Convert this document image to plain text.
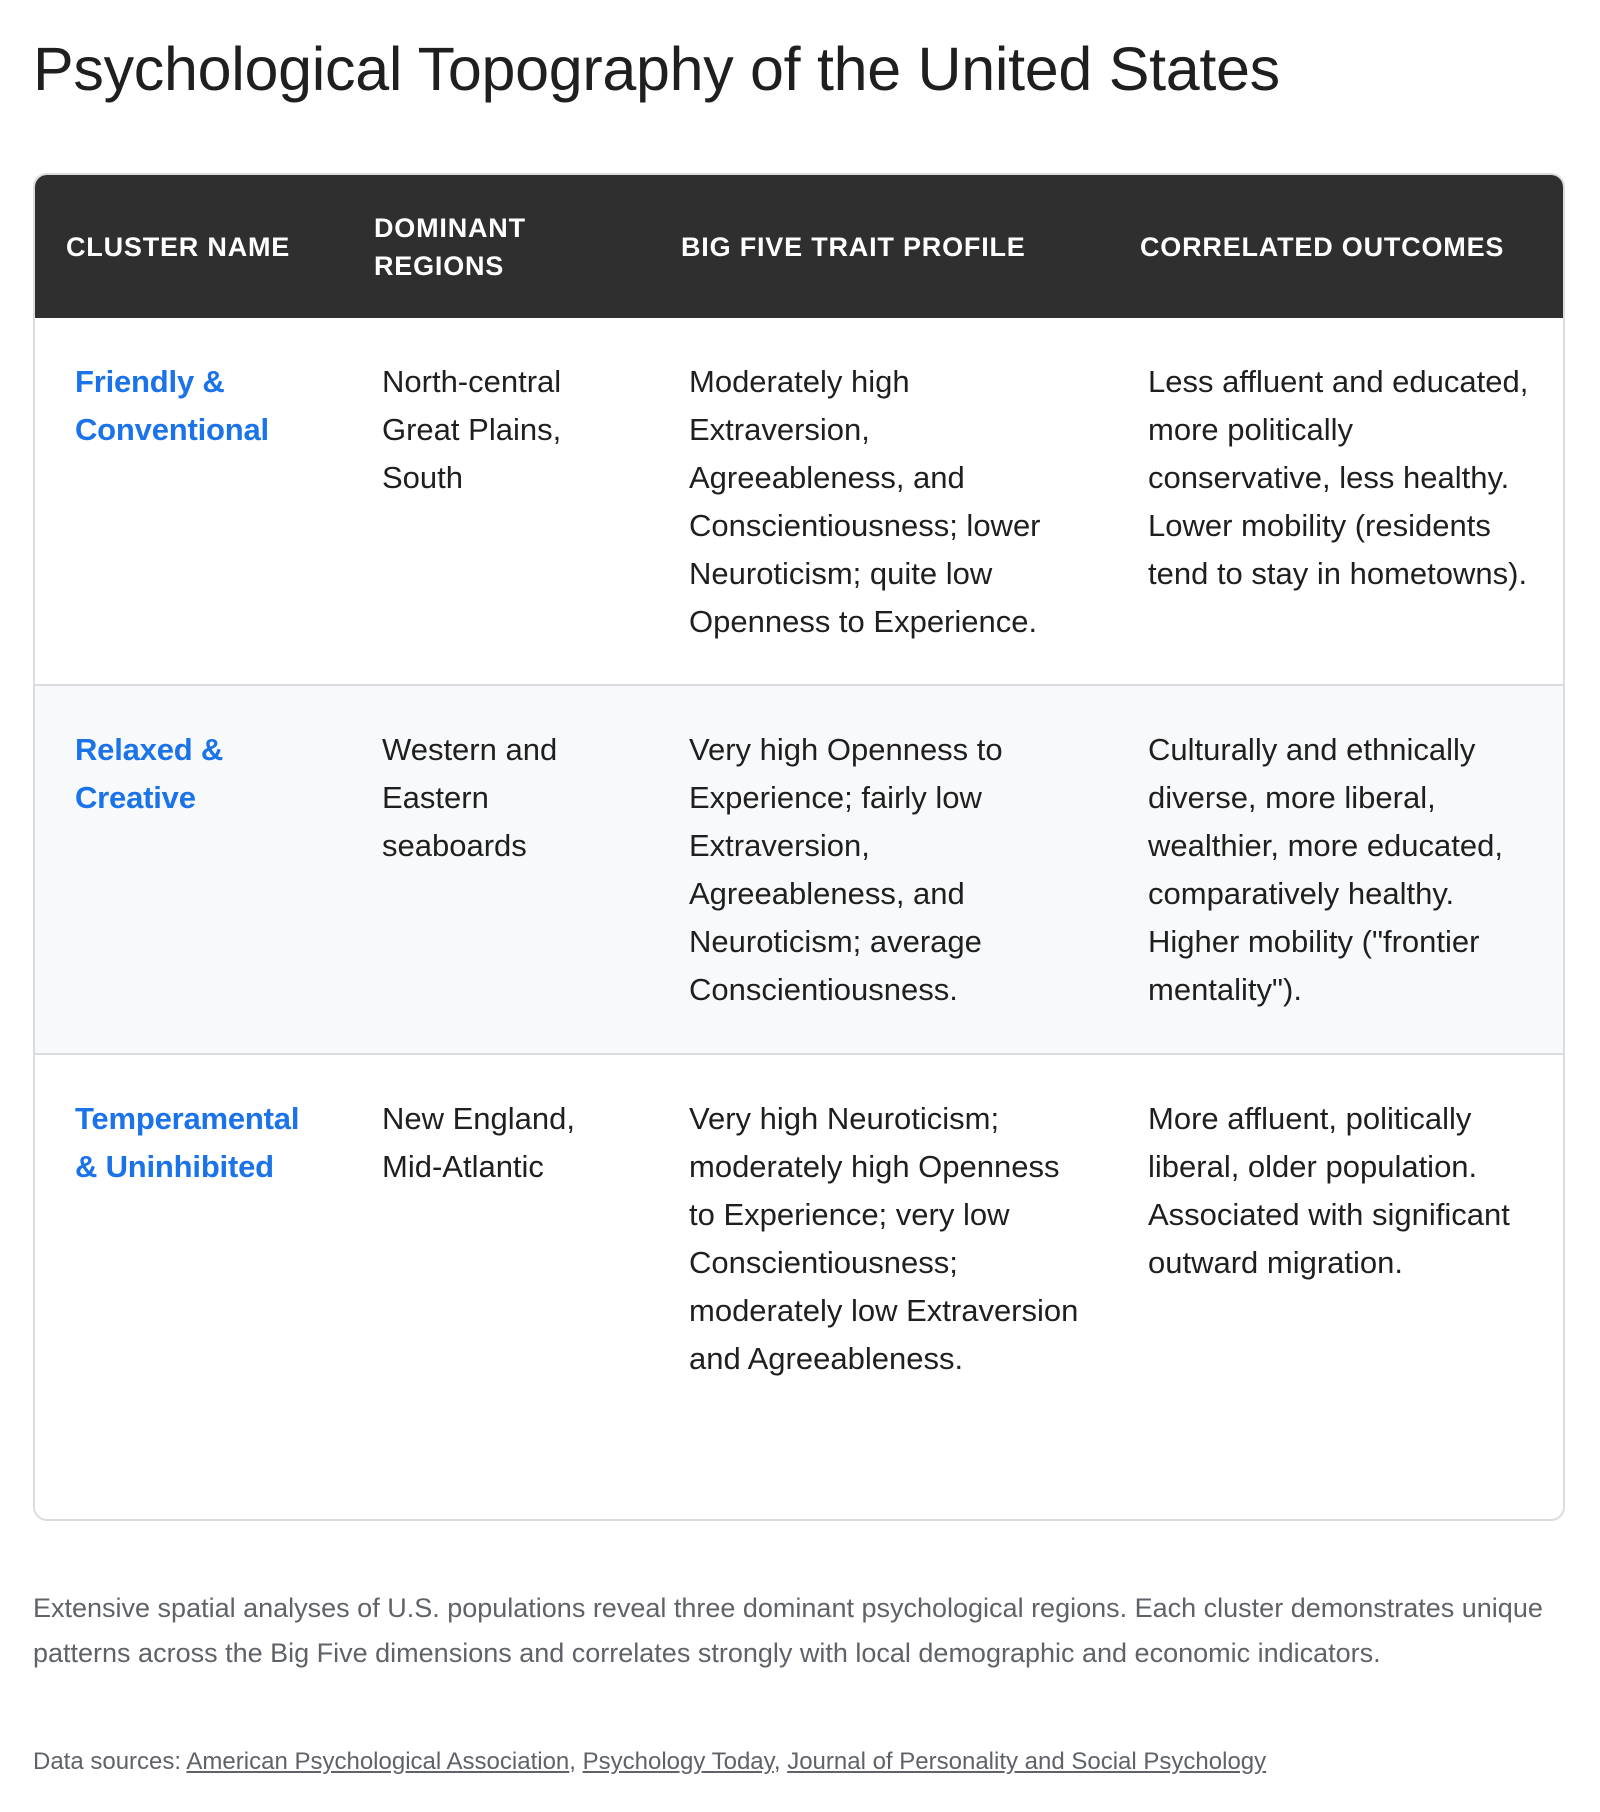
Psychological Topography of the United States
CLUSTER NAME	DOMINANT REGIONS	BIG FIVE TRAIT PROFILE	CORRELATED OUTCOMES
Friendly & Conventional	North-central Great Plains, South	Moderately high Extraversion, Agreeableness, and Conscientiousness; lower Neuroticism; quite low Openness to Experience.	Less affluent and educated, more politically conservative, less healthy. Lower mobility (residents tend to stay in hometowns).
Relaxed & Creative	Western and Eastern seaboards	Very high Openness to Experience; fairly low Extraversion, Agreeableness, and Neuroticism; average Conscientiousness.	Culturally and ethnically diverse, more liberal, wealthier, more educated, comparatively healthy. Higher mobility ("frontier mentality").
Temperamental & Uninhibited	New England, Mid-Atlantic	Very high Neuroticism; moderately high Openness to Experience; very low Conscientiousness; moderately low Extraversion and Agreeableness.	More affluent, politically liberal, older population. Associated with significant outward migration.

Extensive spatial analyses of U.S. populations reveal three dominant psychological regions. Each cluster demonstrates unique patterns across the Big Five dimensions and correlates strongly with local demographic and economic indicators.

Data sources: American Psychological Association, Psychology Today, Journal of Personality and Social Psychology
